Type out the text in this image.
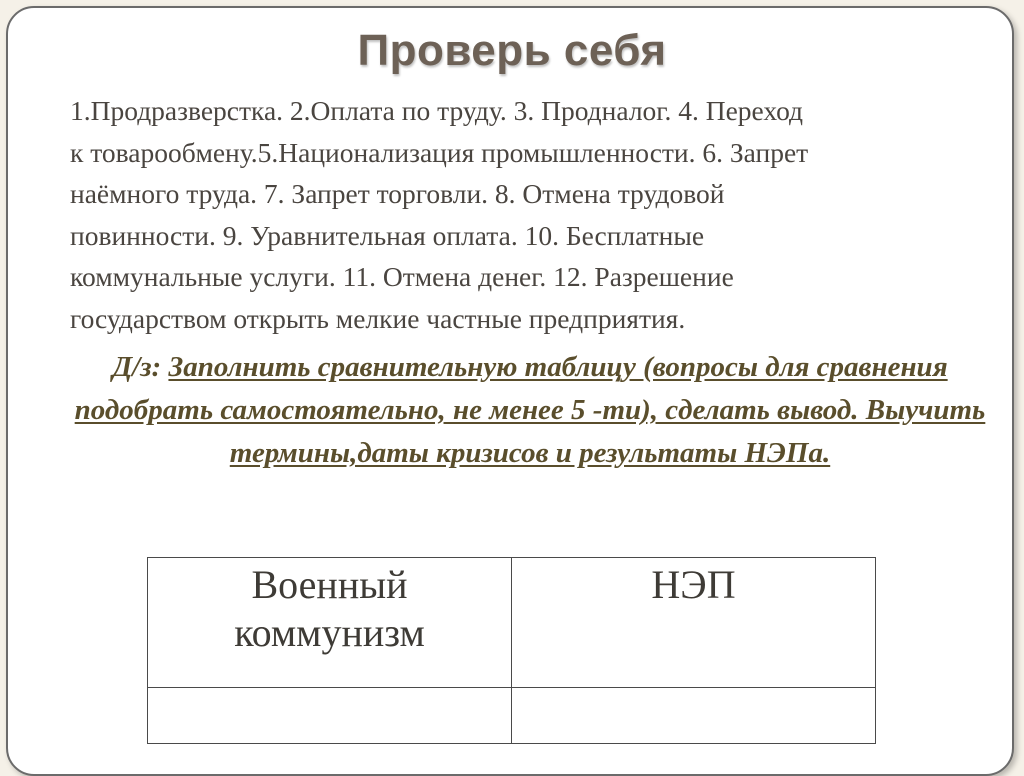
Проверь себя
1.Продразверстка. 2.Оплата по труду. 3. Продналог. 4. Переход
к товарообмену.5.Национализация промышленности. 6. Запрет
наёмного труда. 7. Запрет торговли. 8. Отмена трудовой
повинности. 9. Уравнительная оплата. 10. Бесплатные
коммунальные услуги. 11. Отмена денег. 12. Разрешение
государством открыть мелкие частные предприятия.
Д/з: Заполнить сравнительную таблицу (вопросы для сравнения подобрать самостоятельно, не менее 5 -ти), сделать вывод. Выучить термины,даты кризисов и результаты НЭПа.
Военный
коммунизм	НЭП
